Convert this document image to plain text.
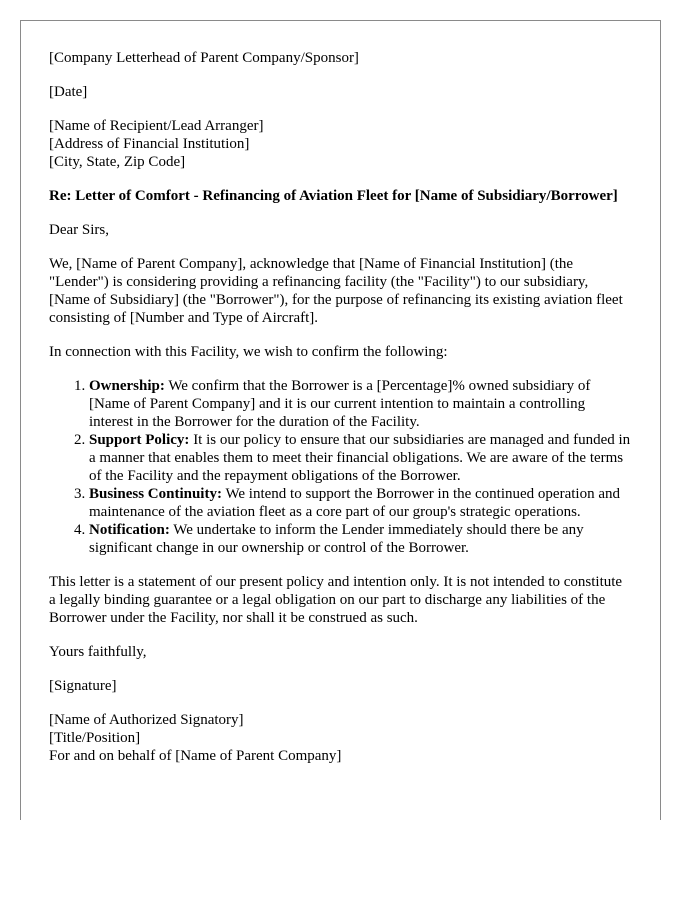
[Company Letterhead of Parent Company/Sponsor]

[Date]

[Name of Recipient/Lead Arranger]
[Address of Financial Institution]
[City, State, Zip Code]

Re: Letter of Comfort - Refinancing of Aviation Fleet for [Name of Subsidiary/Borrower]

Dear Sirs,

We, [Name of Parent Company], acknowledge that [Name of Financial Institution] (the "Lender") is considering providing a refinancing facility (the "Facility") to our subsidiary, [Name of Subsidiary] (the "Borrower"), for the purpose of refinancing its existing aviation fleet consisting of [Number and Type of Aircraft].

In connection with this Facility, we wish to confirm the following:

1. Ownership: We confirm that the Borrower is a [Percentage]% owned subsidiary of [Name of Parent Company] and it is our current intention to maintain a controlling interest in the Borrower for the duration of the Facility.
2. Support Policy: It is our policy to ensure that our subsidiaries are managed and funded in a manner that enables them to meet their financial obligations. We are aware of the terms of the Facility and the repayment obligations of the Borrower.
3. Business Continuity: We intend to support the Borrower in the continued operation and maintenance of the aviation fleet as a core part of our group's strategic operations.
4. Notification: We undertake to inform the Lender immediately should there be any significant change in our ownership or control of the Borrower.

This letter is a statement of our present policy and intention only. It is not intended to constitute a legally binding guarantee or a legal obligation on our part to discharge any liabilities of the Borrower under the Facility, nor shall it be construed as such.

Yours faithfully,

[Signature]

[Name of Authorized Signatory]
[Title/Position]
For and on behalf of [Name of Parent Company]
